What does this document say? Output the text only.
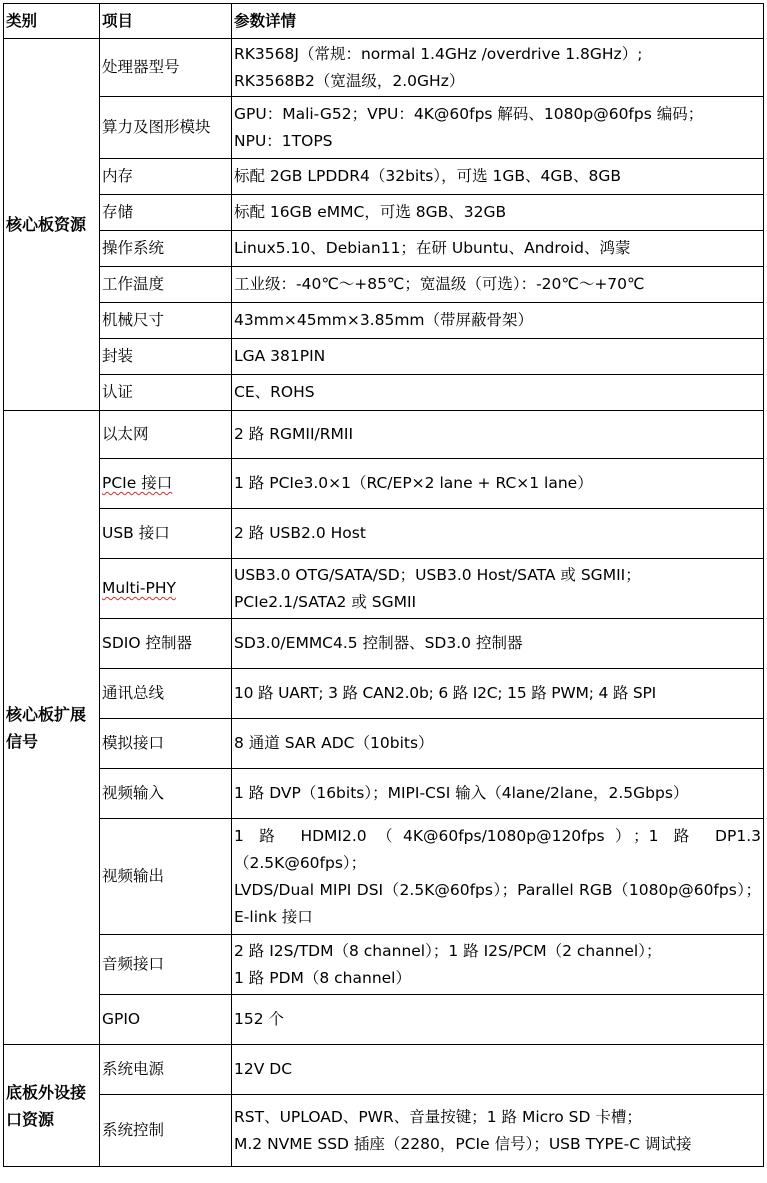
类别	项目	参数详情
核心板资源	处理器型号	RK3568J（常规：normal 1.4GHz /overdrive 1.8GHz）;
RK3568B2（宽温级，2.0GHz）
	算力及图形模块	GPU：Mali-G52；VPU：4K@60fps 解码、1080p@60fps 编码；
NPU：1TOPS
	内存	标配 2GB LPDDR4（32bits），可选 1GB、4GB、8GB
	存储	标配 16GB eMMC，可选 8GB、32GB
	操作系统	Linux5.10、Debian11；在研 Ubuntu、Android、鸿蒙
	工作温度	工业级：-40℃～+85℃；宽温级（可选）：-20℃～+70℃
	机械尺寸	43mm×45mm×3.85mm（带屏蔽骨架）
	封装	LGA 381PIN
	认证	CE、ROHS
核心板扩展信号	以太网	2 路 RGMII/RMII
	PCIe 接口	1 路 PCIe3.0×1（RC/EP×2 lane + RC×1 lane）
	USB 接口	2 路 USB2.0 Host
	Multi-PHY	USB3.0 OTG/SATA/SD；USB3.0 Host/SATA 或 SGMII；
PCIe2.1/SATA2 或 SGMII
	SDIO 控制器	SD3.0/EMMC4.5 控制器、SD3.0 控制器
	通讯总线	10 路 UART; 3 路 CAN2.0b; 6 路 I2C; 15 路 PWM; 4 路 SPI
	模拟接口	8 通道 SAR ADC（10bits）
	视频输入	1 路 DVP（16bits）；MIPI-CSI 输入（4lane/2lane，2.5Gbps）
	视频输出	1 路 HDMI2.0（4K@60fps/1080p@120fps）；1 路 DP1.3（2.5K@60fps）；
LVDS/Dual MIPI DSI（2.5K@60fps）；Parallel RGB（1080p@60fps）；E-link 接口
	音频接口	2 路 I2S/TDM（8 channel）；1 路 I2S/PCM（2 channel）；
1 路 PDM（8 channel）
	GPIO	152 个
底板外设接口资源	系统电源	12V DC
	系统控制	RST、UPLOAD、PWR、音量按键；1 路 Micro SD 卡槽；
M.2 NVME SSD 插座（2280，PCIe 信号）；USB TYPE-C 调试接
